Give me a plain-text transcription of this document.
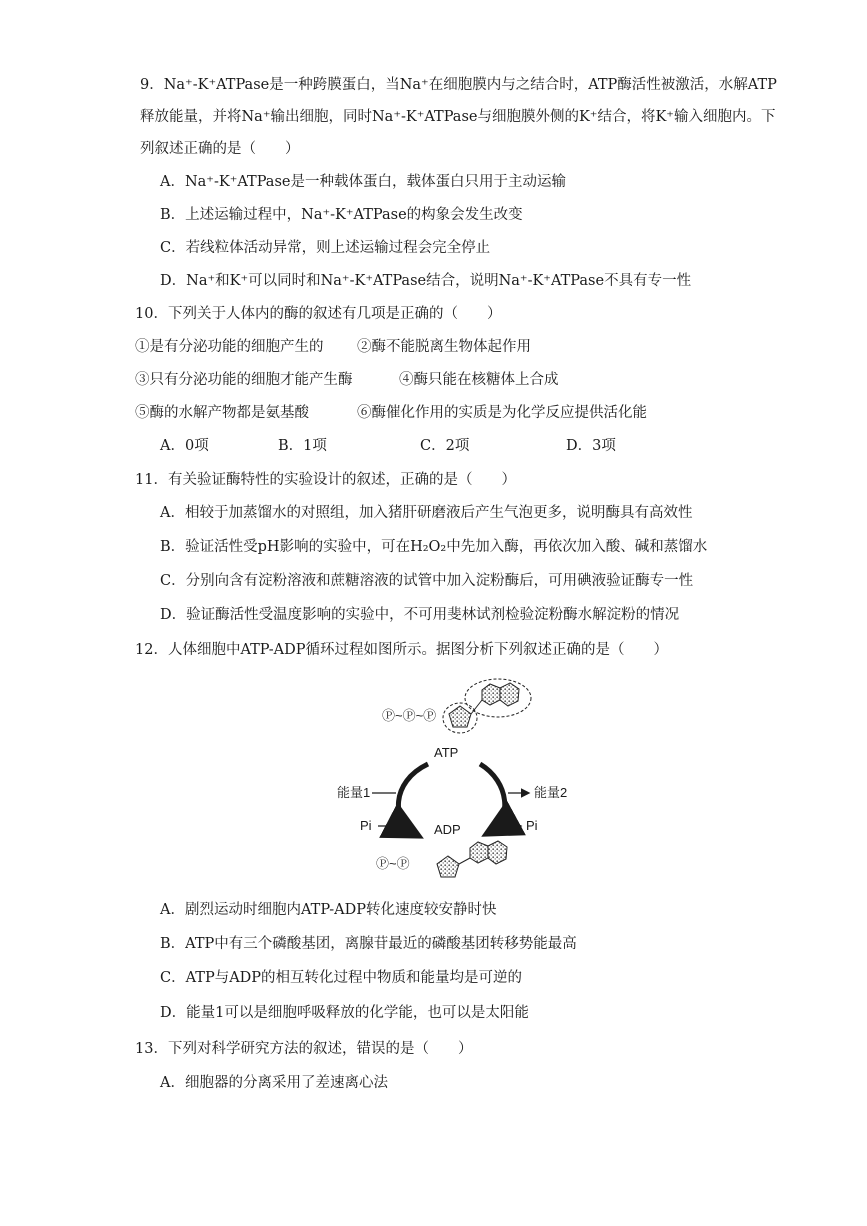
9．Na⁺-K⁺ATPase是一种跨膜蛋白，当Na⁺在细胞膜内与之结合时，ATP酶活性被激活，水解ATP
释放能量，并将Na⁺输出细胞，同时Na⁺-K⁺ATPase与细胞膜外侧的K⁺结合，将K⁺输入细胞内。下
列叙述正确的是（　　）
A．Na⁺-K⁺ATPase是一种载体蛋白，载体蛋白只用于主动运输
B．上述运输过程中，Na⁺-K⁺ATPase的构象会发生改变
C．若线粒体活动异常，则上述运输过程会完全停止
D．Na⁺和K⁺可以同时和Na⁺-K⁺ATPase结合，说明Na⁺-K⁺ATPase不具有专一性
10．下列关于人体内的酶的叙述有几项是正确的（　　）
①是有分泌功能的细胞产生的 ②酶不能脱离生物体起作用
③只有分泌功能的细胞才能产生酶	④酶只能在核糖体上合成
⑤酶的水解产物都是氨基酸	⑥酶催化作用的实质是为化学反应提供活化能
A．0项	B．1项	C．2项	D．3项
11．有关验证酶特性的实验设计的叙述，正确的是（　　）
A．相较于加蒸馏水的对照组，加入猪肝研磨液后产生气泡更多，说明酶具有高效性
B．验证活性受pH影响的实验中，可在H₂O₂中先加入酶，再依次加入酸、碱和蒸馏水
C．分别向含有淀粉溶液和蔗糖溶液的试管中加入淀粉酶后，可用碘液验证酶专一性
D．验证酶活性受温度影响的实验中，不可用斐林试剂检验淀粉酶水解淀粉的情况
12．人体细胞中ATP-ADP循环过程如图所示。据图分析下列叙述正确的是（　　）
Ⓟ~Ⓟ~Ⓟ
ATP
能量1
Pi
能量2
Pi
ADP
Ⓟ~Ⓟ
A．剧烈运动时细胞内ATP-ADP转化速度较安静时快
B．ATP中有三个磷酸基团，离腺苷最近的磷酸基团转移势能最高
C．ATP与ADP的相互转化过程中物质和能量均是可逆的
D．能量1可以是细胞呼吸释放的化学能，也可以是太阳能
13．下列对科学研究方法的叙述，错误的是（　　）
A．细胞器的分离采用了差速离心法
